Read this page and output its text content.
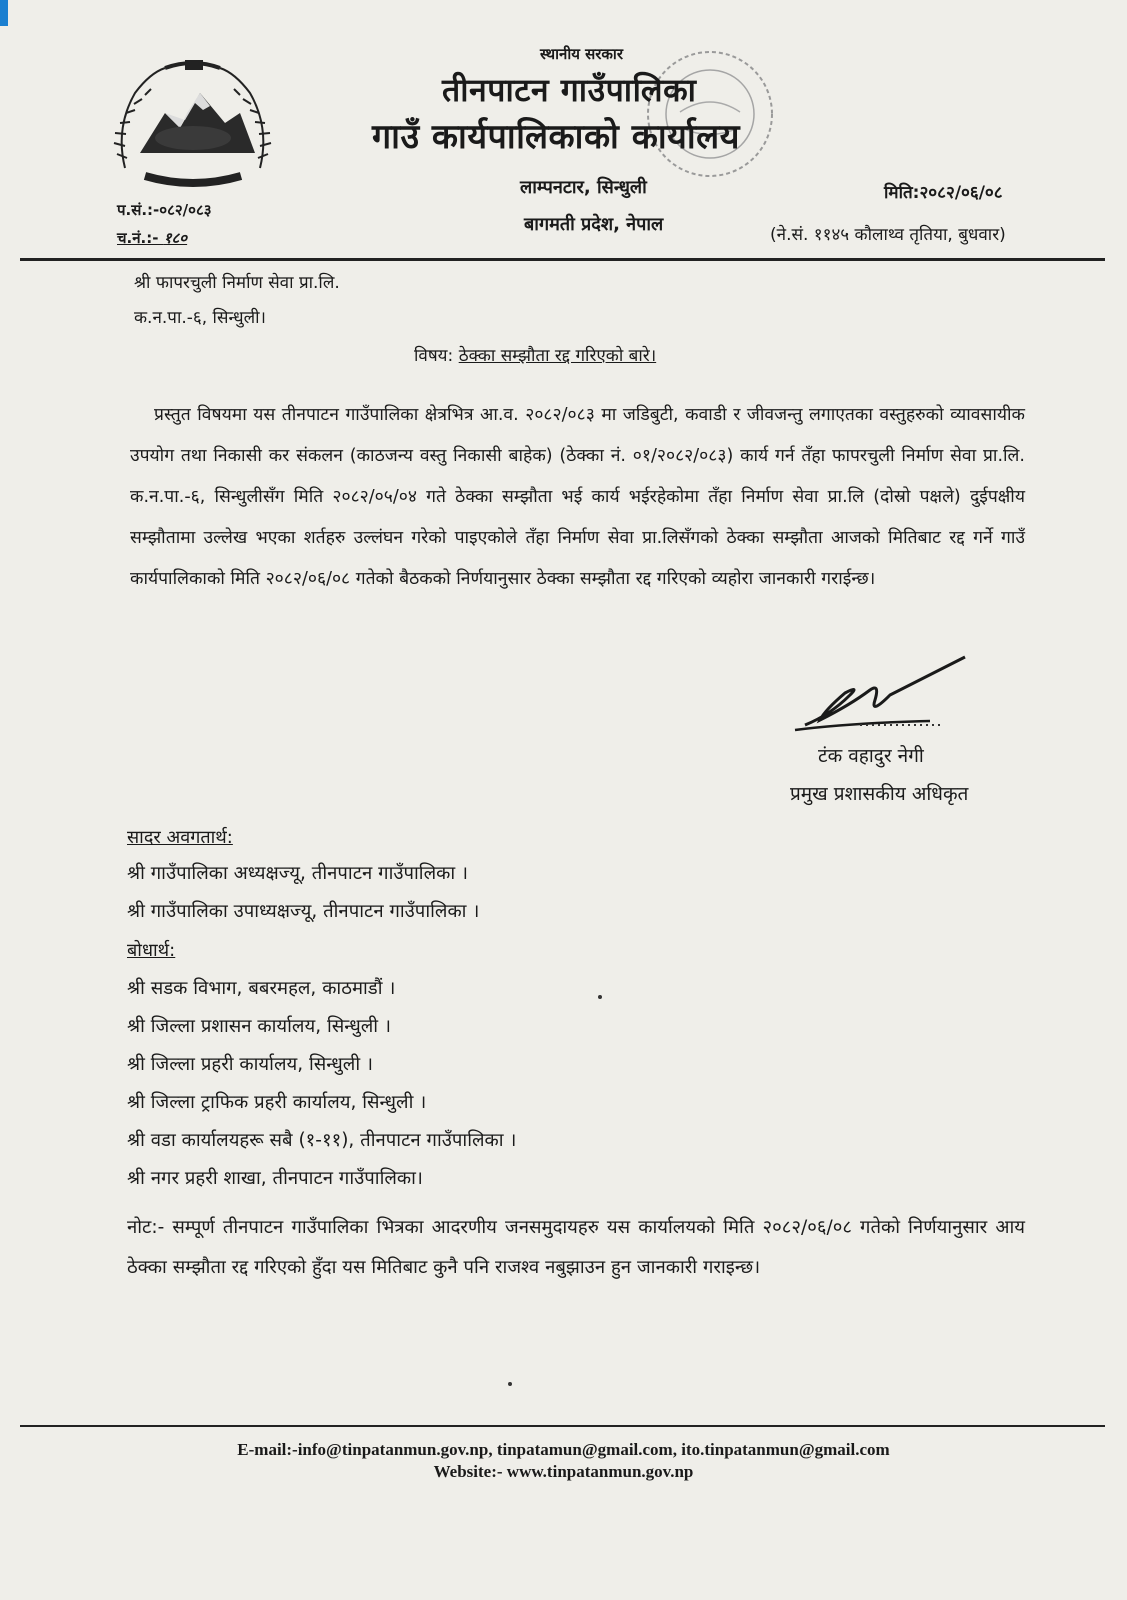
स्थानीय सरकार

तीनपाटन गाउँपालिका

गाउँ कार्यपालिकाको कार्यालय

लाम्पनटार, सिन्धुली

बागमती प्रदेश, नेपाल

मिति:२०८२/०६/०८

(ने.सं. ११४५ कौलाथ्व तृतिया, बुधवार)

प.सं.:-०८२/०८३

च.नं.:- १८०

श्री फापरचुली निर्माण सेवा प्रा.लि.

क.न.पा.-६, सिन्धुली।

विषय: ठेक्का सम्झौता रद्द गरिएको बारे।

प्रस्तुत विषयमा यस तीनपाटन गाउँपालिका क्षेत्रभित्र आ.व. २०८२/०८३ मा जडिबुटी, कवाडी र जीवजन्तु लगाएतका वस्तुहरुको व्यावसायीक उपयोग तथा निकासी कर संकलन (काठजन्य वस्तु निकासी बाहेक) (ठेक्का नं. ०१/२०८२/०८३) कार्य गर्न तँहा फापरचुली निर्माण सेवा प्रा.लि. क.न.पा.-६, सिन्धुलीसँग मिति २०८२/०५/०४ गते ठेक्का सम्झौता भई कार्य भईरहेकोमा तँहा निर्माण सेवा प्रा.लि (दोस्रो पक्षले) दुईपक्षीय सम्झौतामा उल्लेख भएका शर्तहरु उल्लंघन गरेको पाइएकोले तँहा निर्माण सेवा प्रा.लिसँगको ठेक्का सम्झौता आजको मितिबाट रद्द गर्ने गाउँ कार्यपालिकाको मिति २०८२/०६/०८ गतेको बैठकको निर्णयानुसार ठेक्का सम्झौता रद्द गरिएको व्यहोरा जानकारी गराईन्छ।

टंक वहादुर नेगी

प्रमुख प्रशासकीय अधिकृत

सादर अवगतार्थ:

श्री गाउँपालिका अध्यक्षज्यू, तीनपाटन गाउँपालिका ।

श्री गाउँपालिका उपाध्यक्षज्यू, तीनपाटन गाउँपालिका ।

बोधार्थ:

श्री सडक विभाग, बबरमहल, काठमाडौं ।

श्री जिल्ला प्रशासन कार्यालय, सिन्धुली ।

श्री जिल्ला प्रहरी कार्यालय, सिन्धुली ।

श्री जिल्ला ट्राफिक प्रहरी कार्यालय, सिन्धुली ।

श्री वडा कार्यालयहरू सबै (१-११), तीनपाटन गाउँपालिका ।

श्री नगर प्रहरी शाखा, तीनपाटन गाउँपालिका।

नोट:- सम्पूर्ण तीनपाटन गाउँपालिका भित्रका आदरणीय जनसमुदायहरु यस कार्यालयको मिति २०८२/०६/०८ गतेको निर्णयानुसार आय ठेक्का सम्झौता रद्द गरिएको हुँदा यस मितिबाट कुनै पनि राजश्व नबुझाउन हुन जानकारी गराइन्छ।

E-mail:-info@tinpatanmun.gov.np, tinpatamun@gmail.com, ito.tinpatanmun@gmail.com

Website:- www.tinpatanmun.gov.np
